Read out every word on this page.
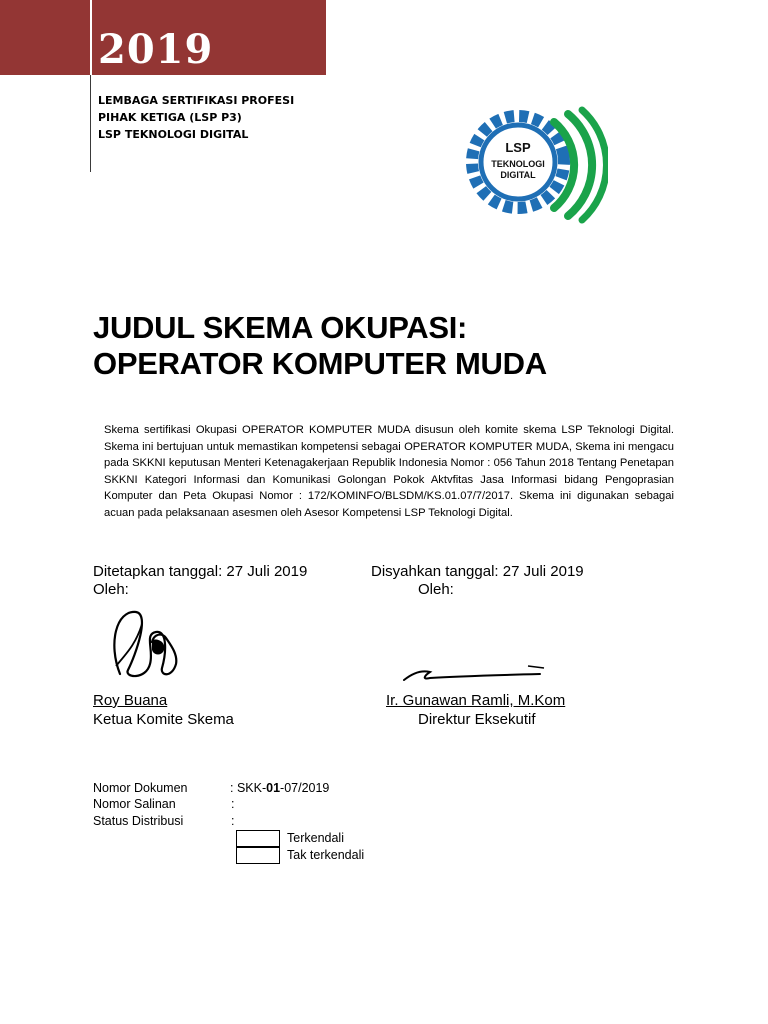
2019
LEMBAGA SERTIFIKASI PROFESI
PIHAK KETIGA (LSP P3)
LSP TEKNOLOGI DIGITAL
LSP
TEKNOLOGI
DIGITAL
JUDUL SKEMA OKUPASI:
OPERATOR KOMPUTER MUDA
Skema sertifikasi Okupasi OPERATOR KOMPUTER MUDA disusun oleh komite skema LSP Teknologi Digital. Skema ini bertujuan untuk memastikan kompetensi sebagai OPERATOR KOMPUTER MUDA, Skema ini mengacu pada SKKNI keputusan Menteri Ketenagakerjaan Republik Indonesia Nomor : 056 Tahun 2018 Tentang Penetapan SKKNI Kategori Informasi dan Komunikasi Golongan Pokok Aktvfitas Jasa Informasi bidang Pengoprasian Komputer dan Peta Okupasi Nomor : 172/KOMINFO/BLSDM/KS.01.07/7/2017. Skema ini digunakan sebagai acuan pada pelaksanaan asesmen oleh Asesor Kompetensi LSP Teknologi Digital.
Ditetapkan tanggal: 27 Juli 2019
Oleh:
Roy Buana
Ketua Komite Skema
Disyahkan tanggal: 27 Juli 2019
Oleh:
Ir. Gunawan Ramli, M.Kom
Direktur Eksekutif
Nomor Dokumen	: SKK-01-07/2019
Nomor Salinan	:
Status Distribusi	:
Terkendali
Tak terkendali
